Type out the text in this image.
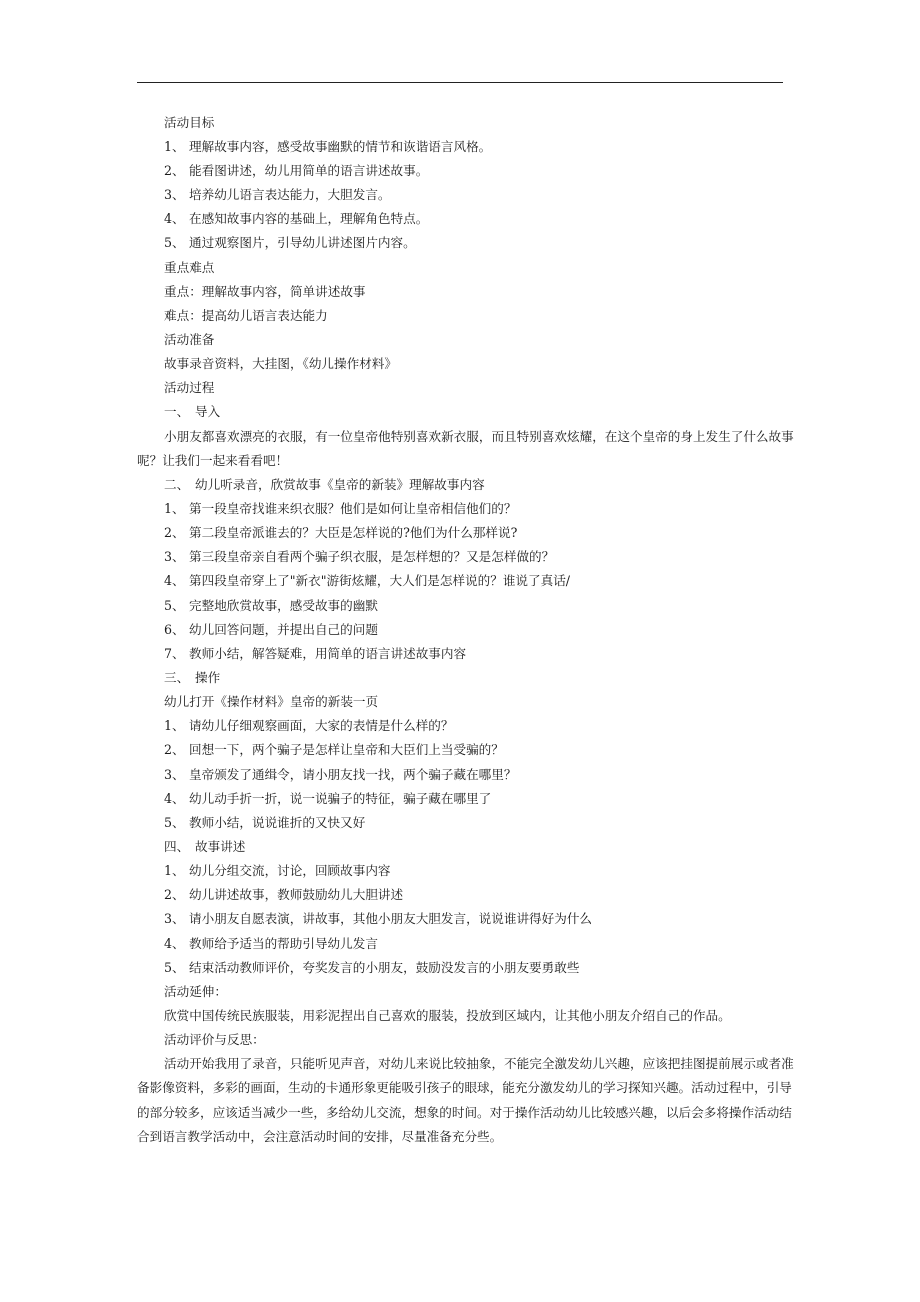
活动目标
1、 理解故事内容，感受故事幽默的情节和诙谐语言风格。
2、 能看图讲述，幼儿用简单的语言讲述故事。
3、 培养幼儿语言表达能力，大胆发言。
4、 在感知故事内容的基础上，理解角色特点。
5、 通过观察图片，引导幼儿讲述图片内容。
重点难点
重点：理解故事内容，简单讲述故事
难点：提高幼儿语言表达能力
活动准备
故事录音资料，大挂图，《幼儿操作材料》
活动过程
一、 导入
小朋友都喜欢漂亮的衣服，有一位皇帝他特别喜欢新衣服，而且特别喜欢炫耀，在这个皇帝的身上发生了什么故事
呢？让我们一起来看看吧！
二、 幼儿听录音，欣赏故事《皇帝的新装》理解故事内容
1、 第一段皇帝找谁来织衣服？他们是如何让皇帝相信他们的？
2、 第二段皇帝派谁去的？大臣是怎样说的?他们为什么那样说?
3、 第三段皇帝亲自看两个骗子织衣服，是怎样想的？又是怎样做的？
4、 第四段皇帝穿上了"新衣"游街炫耀，大人们是怎样说的？谁说了真话/
5、 完整地欣赏故事，感受故事的幽默
6、 幼儿回答问题，并提出自己的问题
7、 教师小结，解答疑难，用简单的语言讲述故事内容
三、 操作
幼儿打开《操作材料》皇帝的新装一页
1、 请幼儿仔细观察画面，大家的表情是什么样的？
2、 回想一下，两个骗子是怎样让皇帝和大臣们上当受骗的？
3、 皇帝颁发了通缉令，请小朋友找一找，两个骗子藏在哪里？
4、 幼儿动手折一折，说一说骗子的特征，骗子藏在哪里了
5、 教师小结，说说谁折的又快又好
四、 故事讲述
1、 幼儿分组交流，讨论，回顾故事内容
2、 幼儿讲述故事，教师鼓励幼儿大胆讲述
3、 请小朋友自愿表演，讲故事，其他小朋友大胆发言，说说谁讲得好为什么
4、 教师给予适当的帮助引导幼儿发言
5、 结束活动教师评价，夸奖发言的小朋友，鼓励没发言的小朋友要勇敢些
活动延伸：
欣赏中国传统民族服装，用彩泥捏出自己喜欢的服装，投放到区域内，让其他小朋友介绍自己的作品。
活动评价与反思：
活动开始我用了录音，只能听见声音，对幼儿来说比较抽象，不能完全激发幼儿兴趣，应该把挂图提前展示或者准
备影像资料，多彩的画面，生动的卡通形象更能吸引孩子的眼球，能充分激发幼儿的学习探知兴趣。活动过程中，引导
的部分较多，应该适当减少一些，多给幼儿交流，想象的时间。对于操作活动幼儿比较感兴趣，以后会多将操作活动结
合到语言教学活动中，会注意活动时间的安排，尽量准备充分些。
